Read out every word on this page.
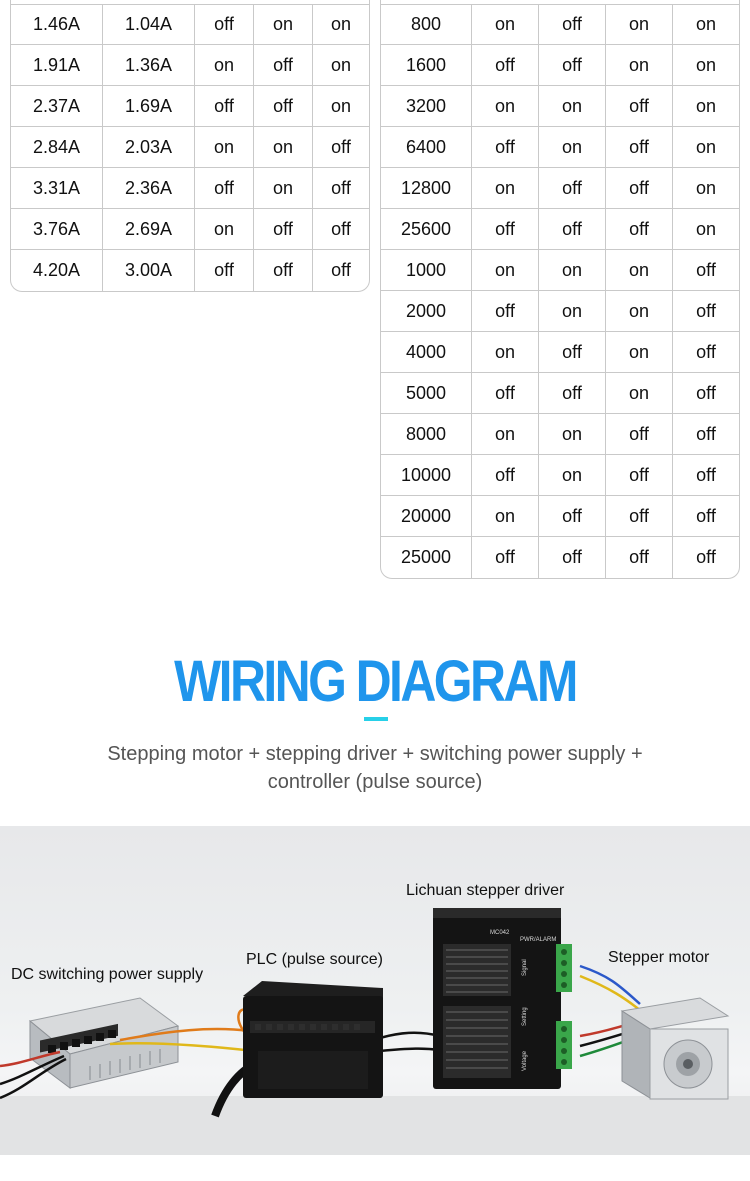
1.46A	1.04A	off	on	on
1.91A	1.36A	on	off	on
2.37A	1.69A	off	off	on
2.84A	2.03A	on	on	off
3.31A	2.36A	off	on	off
3.76A	2.69A	on	off	off
4.20A	3.00A	off	off	off
800	on	off	on	on
1600	off	off	on	on
3200	on	on	off	on
6400	off	on	off	on
12800	on	off	off	on
25600	off	off	off	on
1000	on	on	on	off
2000	off	on	on	off
4000	on	off	on	off
5000	off	off	on	off
8000	on	on	off	off
10000	off	on	off	off
20000	on	off	off	off
25000	off	off	off	off
WIRING DIAGRAM
Stepping motor + stepping driver + switching power supply + controller (pulse source)
MC042
PWR/ALARM
Signal
Setting
Voltage
DC switching power supply
PLC (pulse source)
Lichuan stepper driver
Stepper motor
